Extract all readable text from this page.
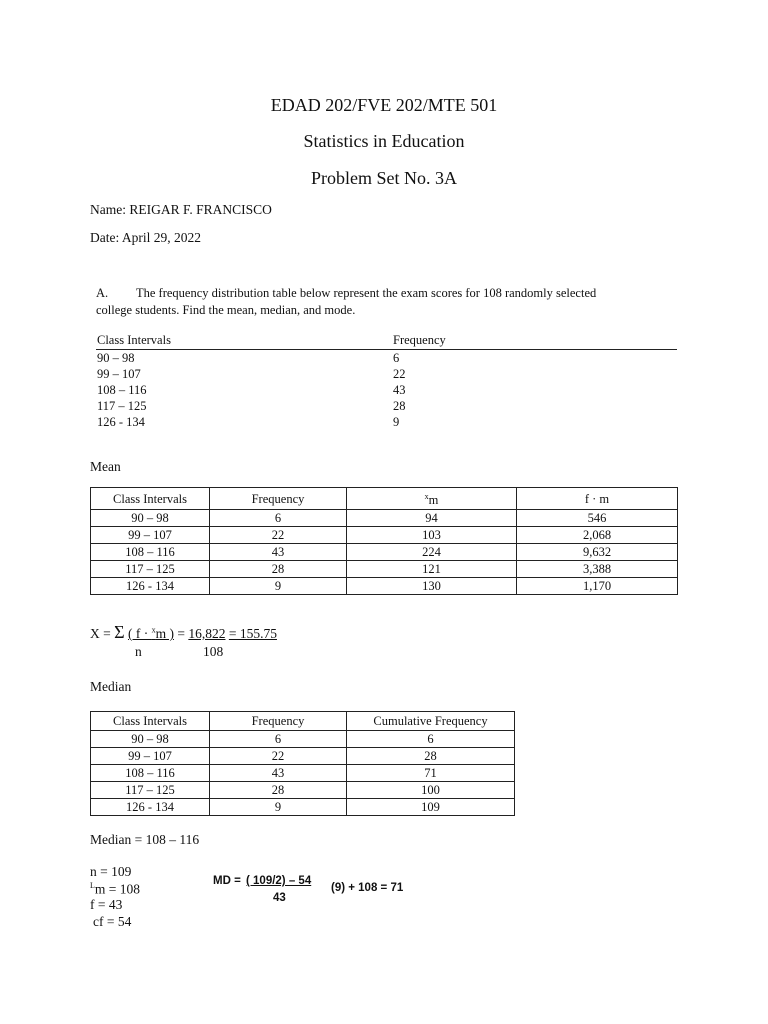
EDAD 202/FVE 202/MTE 501
Statistics in Education
Problem Set No. 3A
Name: REIGAR F. FRANCISCO
Date: April 29, 2022
A. The frequency distribution table below represent the exam scores for 108 randomly selected
college students. Find the mean, median, and mode.
Class Intervals	Frequency
90 – 98	6
99 – 107	22
108 – 116	43
117 – 125	28
126 - 134	9
Mean
Class Intervals	Frequency	$^x$m	f · m
90 – 98	6	94	546
99 – 107	22	103	2,068
108 – 116	43	224	9,632
117 – 125	28	121	3,388
126 - 134	9	130	1,170
X = Σ ( f · $^x$m ) = 16,822 = 155.75
n	108
Median
Class Intervals	Frequency	Cumulative Frequency
90 – 98	6	6
99 – 107	22	28
108 – 116	43	71
117 – 125	28	100
126 - 134	9	109
Median = 108 – 116
n = 109
$^L$m = 108
f = 43
cf = 54
MD = ( 109/2) – 54
43
(9) + 108 = 71
